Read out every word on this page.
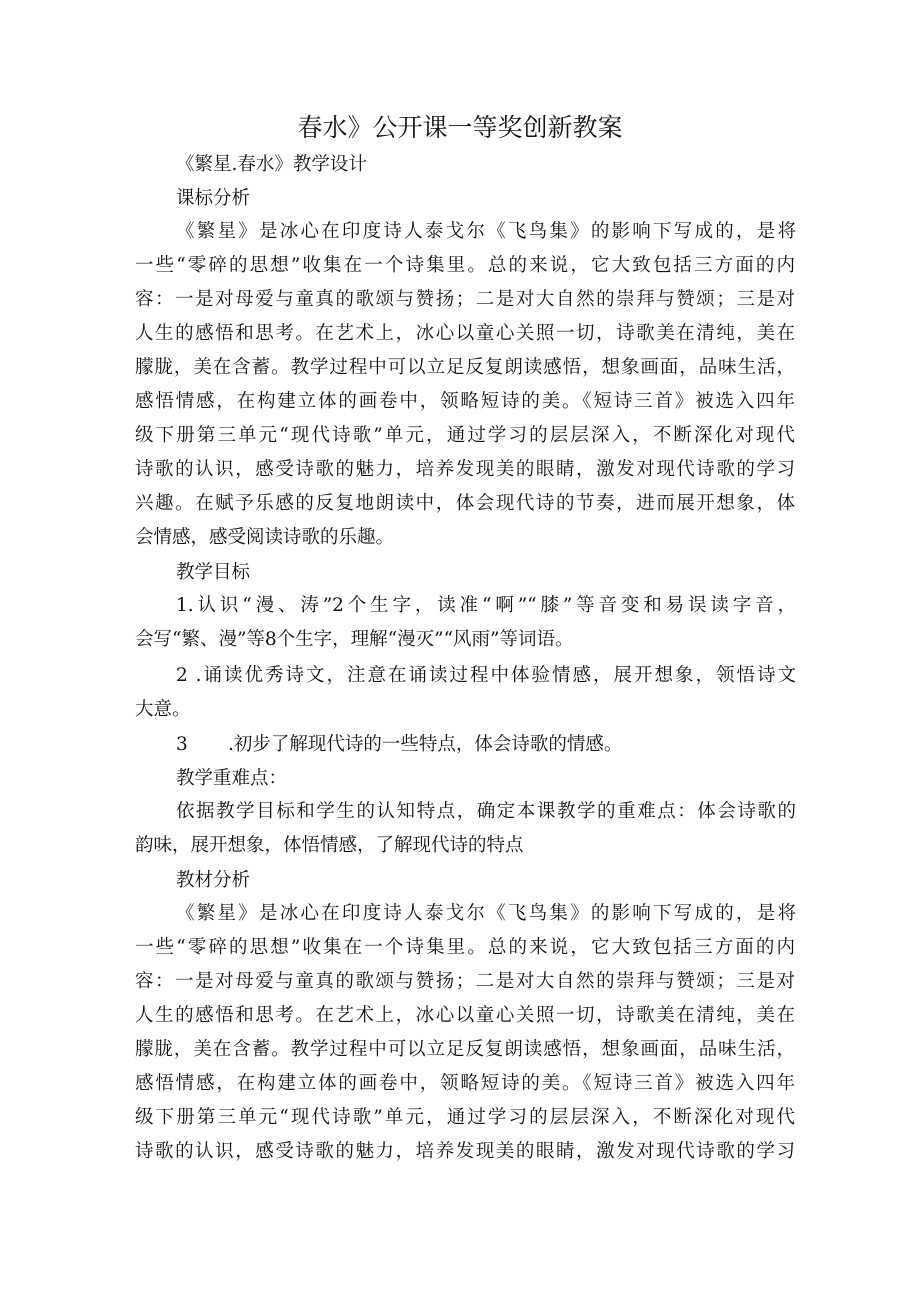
春水》公开课一等奖创新教案

《繁星.春水》教学设计

课标分析

《繁星》是冰心在印度诗人泰戈尔《飞鸟集》的影响下写成的，是将

一些“零碎的思想”收集在一个诗集里。总的来说，它大致包括三方面的内

容：一是对母爱与童真的歌颂与赞扬；二是对大自然的崇拜与赞颂；三是对

人生的感悟和思考。在艺术上，冰心以童心关照一切，诗歌美在清纯，美在

朦胧，美在含蓄。教学过程中可以立足反复朗读感悟，想象画面，品味生活，

感悟情感，在构建立体的画卷中，领略短诗的美。《短诗三首》被选入四年

级下册第三单元“现代诗歌”单元，通过学习的层层深入，不断深化对现代

诗歌的认识，感受诗歌的魅力，培养发现美的眼睛，激发对现代诗歌的学习

兴趣。在赋予乐感的反复地朗读中，体会现代诗的节奏，进而展开想象，体

会情感，感受阅读诗歌的乐趣。

教学目标

1.认识“漫、涛”2个生字，读准“啊”“膝”等音变和易误读字音，

会写“繁、漫”等8个生字，理解“漫灭”“风雨”等词语。

2 .诵读优秀诗文，注意在诵读过程中体验情感，展开想象，领悟诗文

大意。

3 .初步了解现代诗的一些特点，体会诗歌的情感。

教学重难点：

依据教学目标和学生的认知特点，确定本课教学的重难点：体会诗歌的

韵味，展开想象，体悟情感，了解现代诗的特点

教材分析

《繁星》是冰心在印度诗人泰戈尔《飞鸟集》的影响下写成的，是将

一些“零碎的思想”收集在一个诗集里。总的来说，它大致包括三方面的内

容：一是对母爱与童真的歌颂与赞扬；二是对大自然的崇拜与赞颂；三是对

人生的感悟和思考。在艺术上，冰心以童心关照一切，诗歌美在清纯，美在

朦胧，美在含蓄。教学过程中可以立足反复朗读感悟，想象画面，品味生活，

感悟情感，在构建立体的画卷中，领略短诗的美。《短诗三首》被选入四年

级下册第三单元“现代诗歌”单元，通过学习的层层深入，不断深化对现代

诗歌的认识，感受诗歌的魅力，培养发现美的眼睛，激发对现代诗歌的学习
